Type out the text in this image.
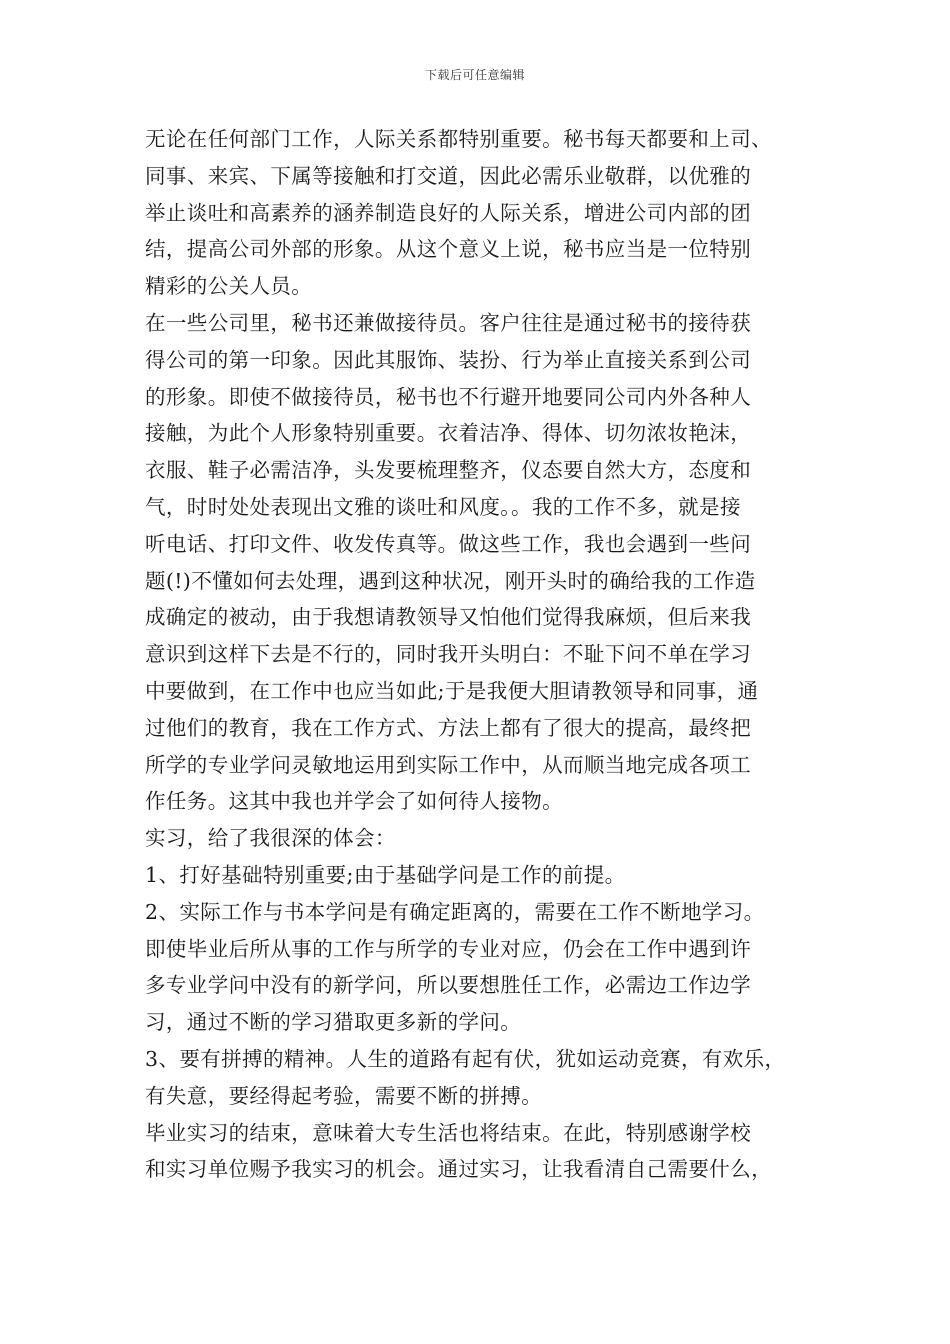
下载后可任意编辑
无论在任何部门工作，人际关系都特别重要。秘书每天都要和上司、
同事、来宾、下属等接触和打交道，因此必需乐业敬群，以优雅的
举止谈吐和高素养的涵养制造良好的人际关系，增进公司内部的团
结，提高公司外部的形象。从这个意义上说，秘书应当是一位特别
精彩的公关人员。
在一些公司里，秘书还兼做接待员。客户往往是通过秘书的接待获
得公司的第一印象。因此其服饰、装扮、行为举止直接关系到公司
的形象。即使不做接待员，秘书也不行避开地要同公司内外各种人
接触，为此个人形象特别重要。衣着洁净、得体、切勿浓妆艳沫，
衣服、鞋子必需洁净，头发要梳理整齐，仪态要自然大方，态度和
气，时时处处表现出文雅的谈吐和风度。。我的工作不多，就是接
听电话、打印文件、收发传真等。做这些工作，我也会遇到一些问
题(!)不懂如何去处理，遇到这种状况，刚开头时的确给我的工作造
成确定的被动，由于我想请教领导又怕他们觉得我麻烦，但后来我
意识到这样下去是不行的，同时我开头明白：不耻下问不单在学习
中要做到，在工作中也应当如此;于是我便大胆请教领导和同事，通
过他们的教育，我在工作方式、方法上都有了很大的提高，最终把
所学的专业学问灵敏地运用到实际工作中，从而顺当地完成各项工
作任务。这其中我也并学会了如何待人接物。
实习，给了我很深的体会：
1、打好基础特别重要;由于基础学问是工作的前提。
2、实际工作与书本学问是有确定距离的，需要在工作不断地学习。
即使毕业后所从事的工作与所学的专业对应，仍会在工作中遇到许
多专业学问中没有的新学问，所以要想胜任工作，必需边工作边学
习，通过不断的学习猎取更多新的学问。
3、要有拼搏的精神。人生的道路有起有伏，犹如运动竞赛，有欢乐，
有失意，要经得起考验，需要不断的拼搏。
毕业实习的结束，意味着大专生活也将结束。在此，特别感谢学校
和实习单位赐予我实习的机会。通过实习，让我看清自己需要什么，
